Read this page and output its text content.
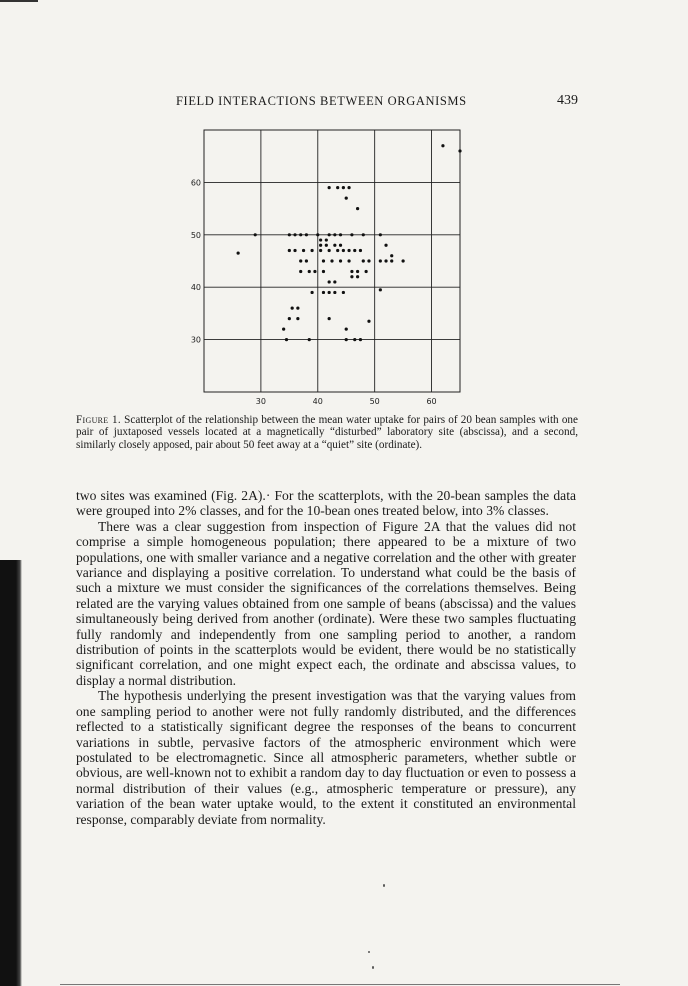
FIELD INTERACTIONS BETWEEN ORGANISMS	439
30	40	50	60
30
40
50
60
Figure 1. Scatterplot of the relationship between the mean water uptake for pairs of 20 bean samples with one pair of juxtaposed vessels located at a magnetically “disturbed” laboratory site (abscissa), and a second, similarly closely apposed, pair about 50 feet away at a “quiet” site (ordinate).

two sites was examined (Fig. 2A).· For the scatterplots, with the 20-bean samples the data were grouped into 2% classes, and for the 10-bean ones treated below, into 3% classes.

There was a clear suggestion from inspection of Figure 2A that the values did not comprise a simple homogeneous population; there appeared to be a mixture of two populations, one with smaller variance and a negative correlation and the other with greater variance and displaying a positive correlation. To understand what could be the basis of such a mixture we must consider the significances of the correlations themselves. Being related are the varying values obtained from one sample of beans (abscissa) and the values simultaneously being derived from another (ordinate). Were these two samples fluctuating fully randomly and independently from one sampling period to another, a random distribution of points in the scatterplots would be evident, there would be no statistically significant correlation, and one might expect each, the ordinate and abscissa values, to display a normal distribution.

The hypothesis underlying the present investigation was that the varying values from one sampling period to another were not fully randomly distributed, and the differences reflected to a statistically significant degree the responses of the beans to concurrent variations in subtle, pervasive factors of the atmospheric environment which were postulated to be electromagnetic. Since all atmospheric parameters, whether subtle or obvious, are well-known not to exhibit a random day to day fluctuation or even to possess a normal distribution of their values (e.g., atmospheric temperature or pressure), any variation of the bean water uptake would, to the extent it constituted an environmental response, comparably deviate from normality.
